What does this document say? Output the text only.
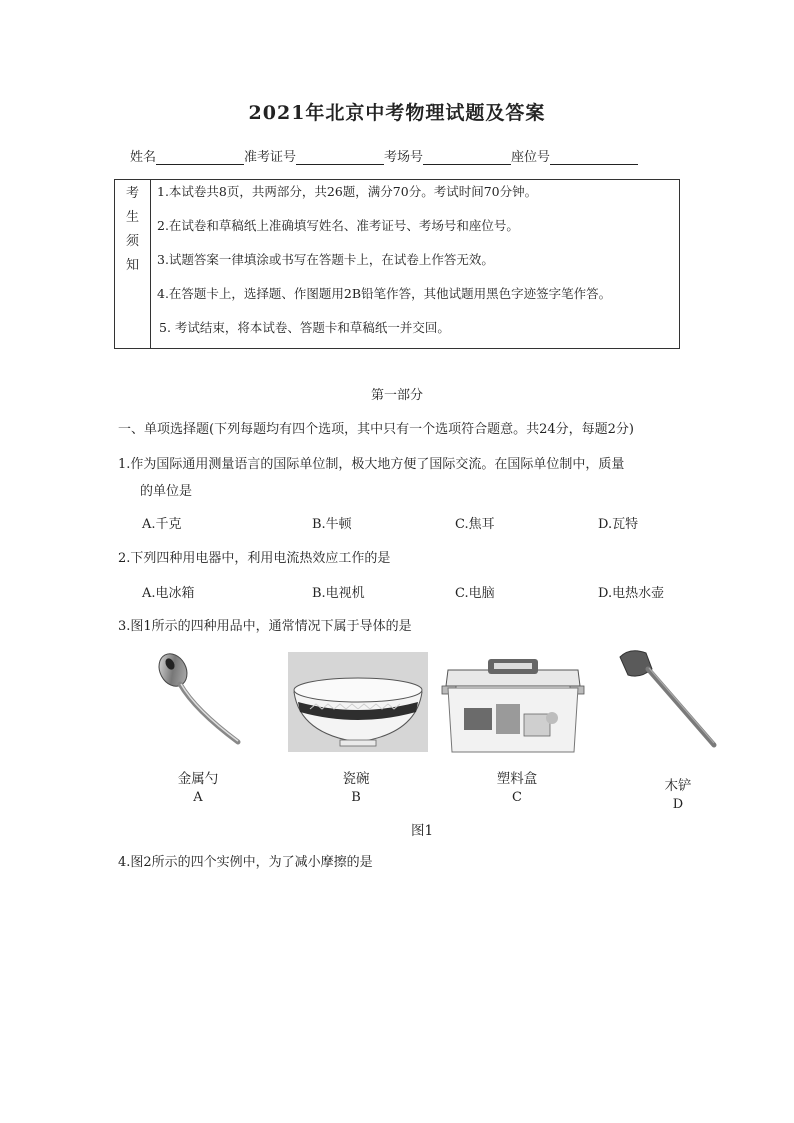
2021年北京中考物理试题及答案
姓名	准考证号	考场号	座位号
考
生
须
知
1.本试卷共8页，共两部分，共26题，满分70分。考试时间70分钟。
2.在试卷和草稿纸上准确填写姓名、准考证号、考场号和座位号。
3.试题答案一律填涂或书写在答题卡上，在试卷上作答无效。
4.在答题卡上，选择题、作图题用2B铅笔作答，其他试题用黑色字迹签字笔作答。
5. 考试结束，将本试卷、答题卡和草稿纸一并交回。
第一部分
一、单项选择题(下列每题均有四个选项，其中只有一个选项符合题意。共24分，每题2分)
1.作为国际通用测量语言的国际单位制，极大地方便了国际交流。在国际单位制中，质量
的单位是
A.千克	B.牛顿	C.焦耳	D.瓦特
2.下列四种用电器中，利用电流热效应工作的是
A.电冰箱	B.电视机	C.电脑	D.电热水壶
3.图1所示的四种用品中，通常情况下属于导体的是
金属勺
A
瓷碗
B
塑料盒
C
木铲
D
图1
4.图2所示的四个实例中，为了减小摩擦的是
